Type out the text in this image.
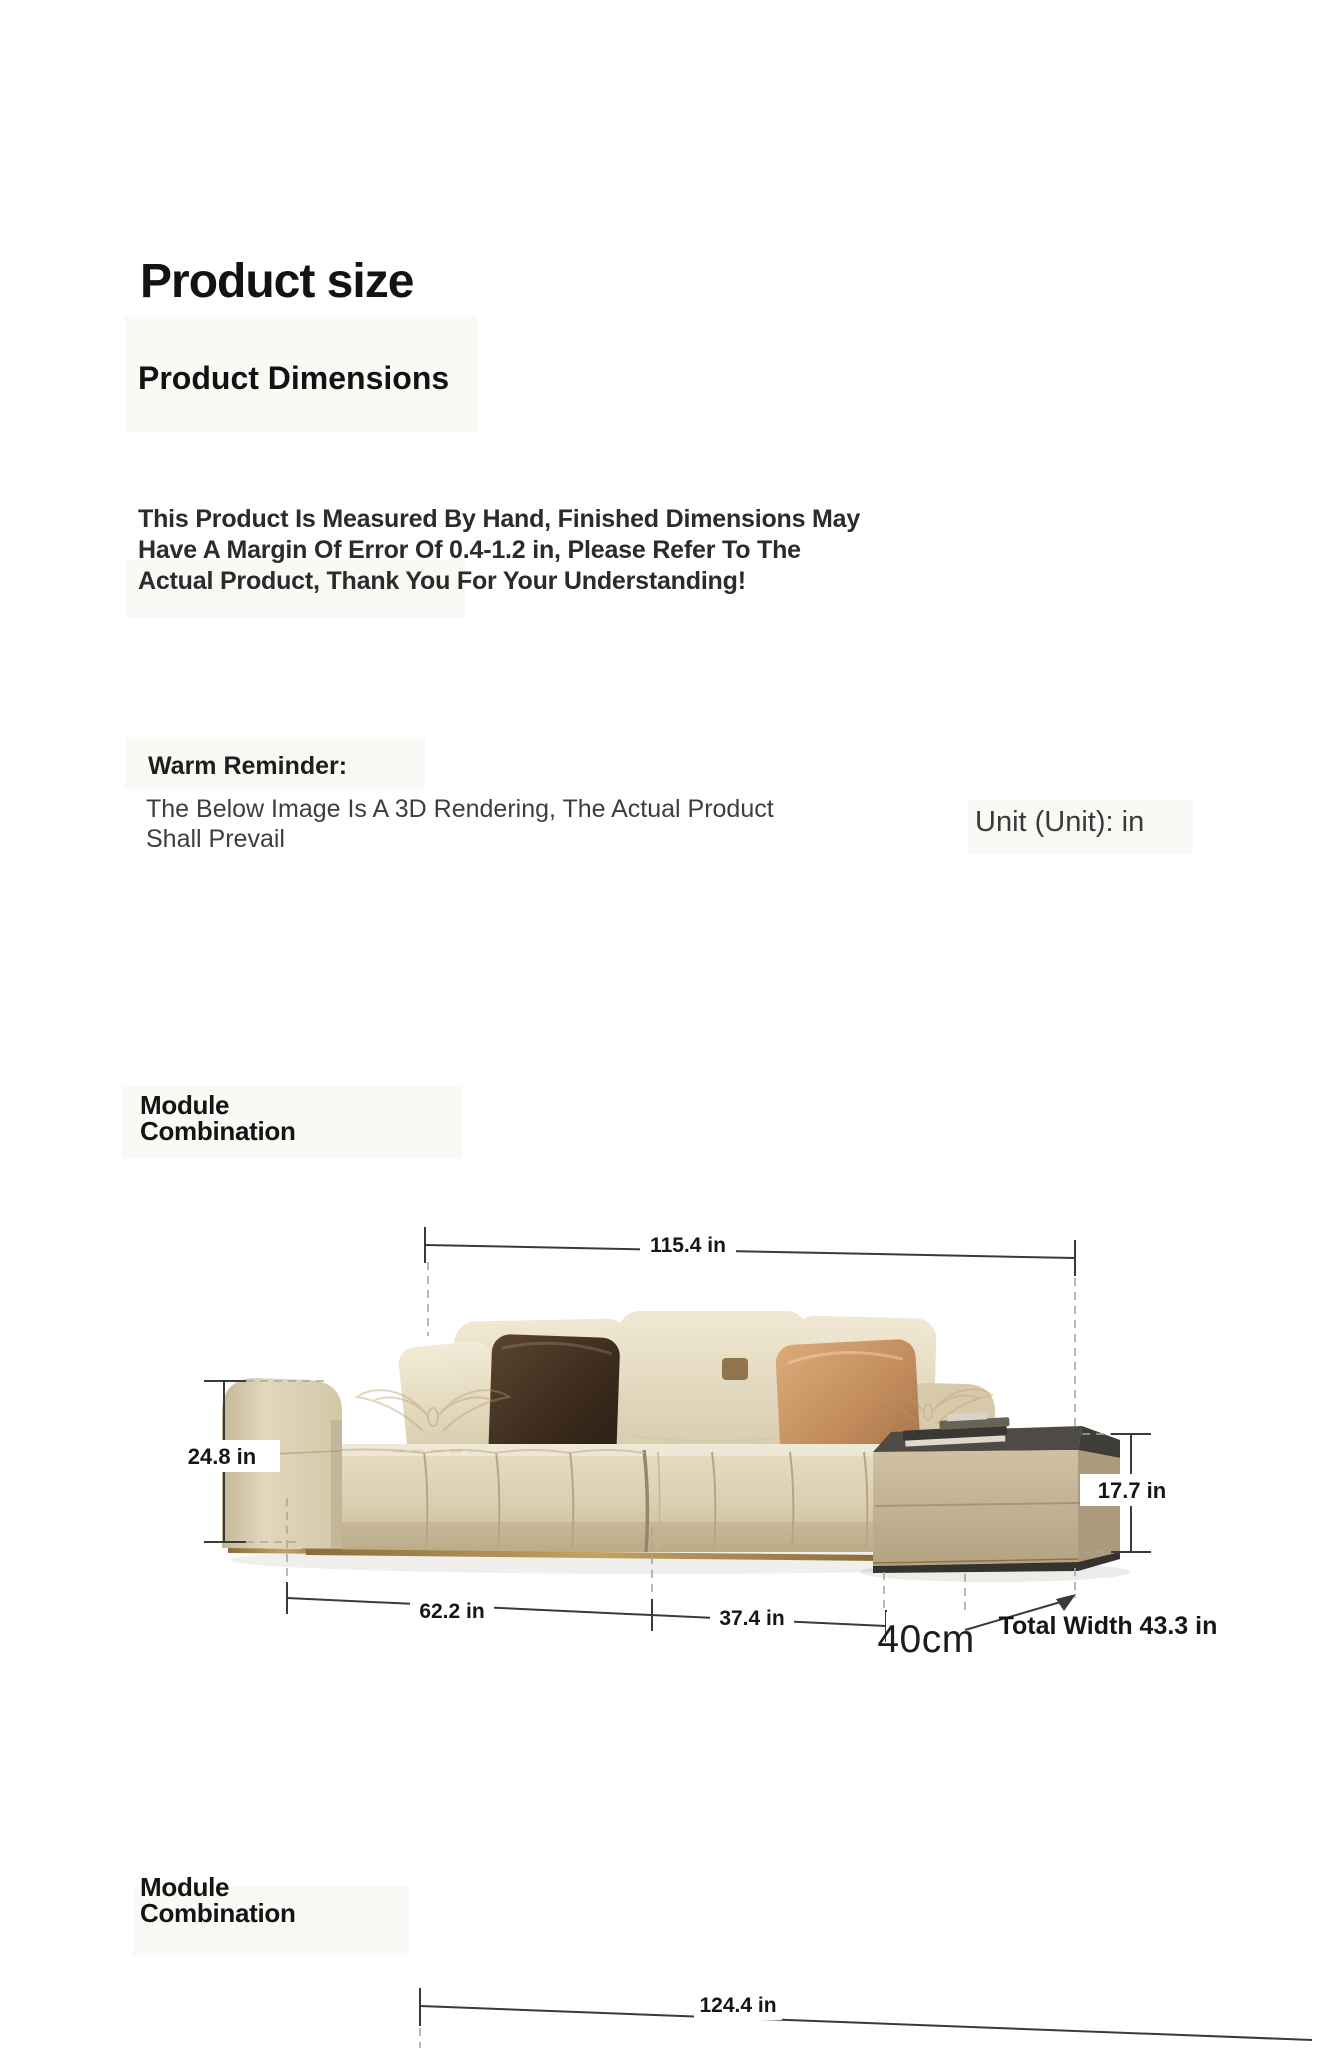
Product size
Product Dimensions
This Product Is Measured By Hand, Finished Dimensions May
Have A Margin Of Error Of 0.4-1.2 in, Please Refer To The
Actual Product, Thank You For Your Understanding!
Warm Reminder:
The Below Image Is A 3D Rendering, The Actual Product
Shall Prevail
Unit (Unit): in
Module
Combination
115.4 in
24.8 in
17.7 in
62.2 in	37.4 in 40cm Total Width 43.3 in
Module
Combination
124.4 in
